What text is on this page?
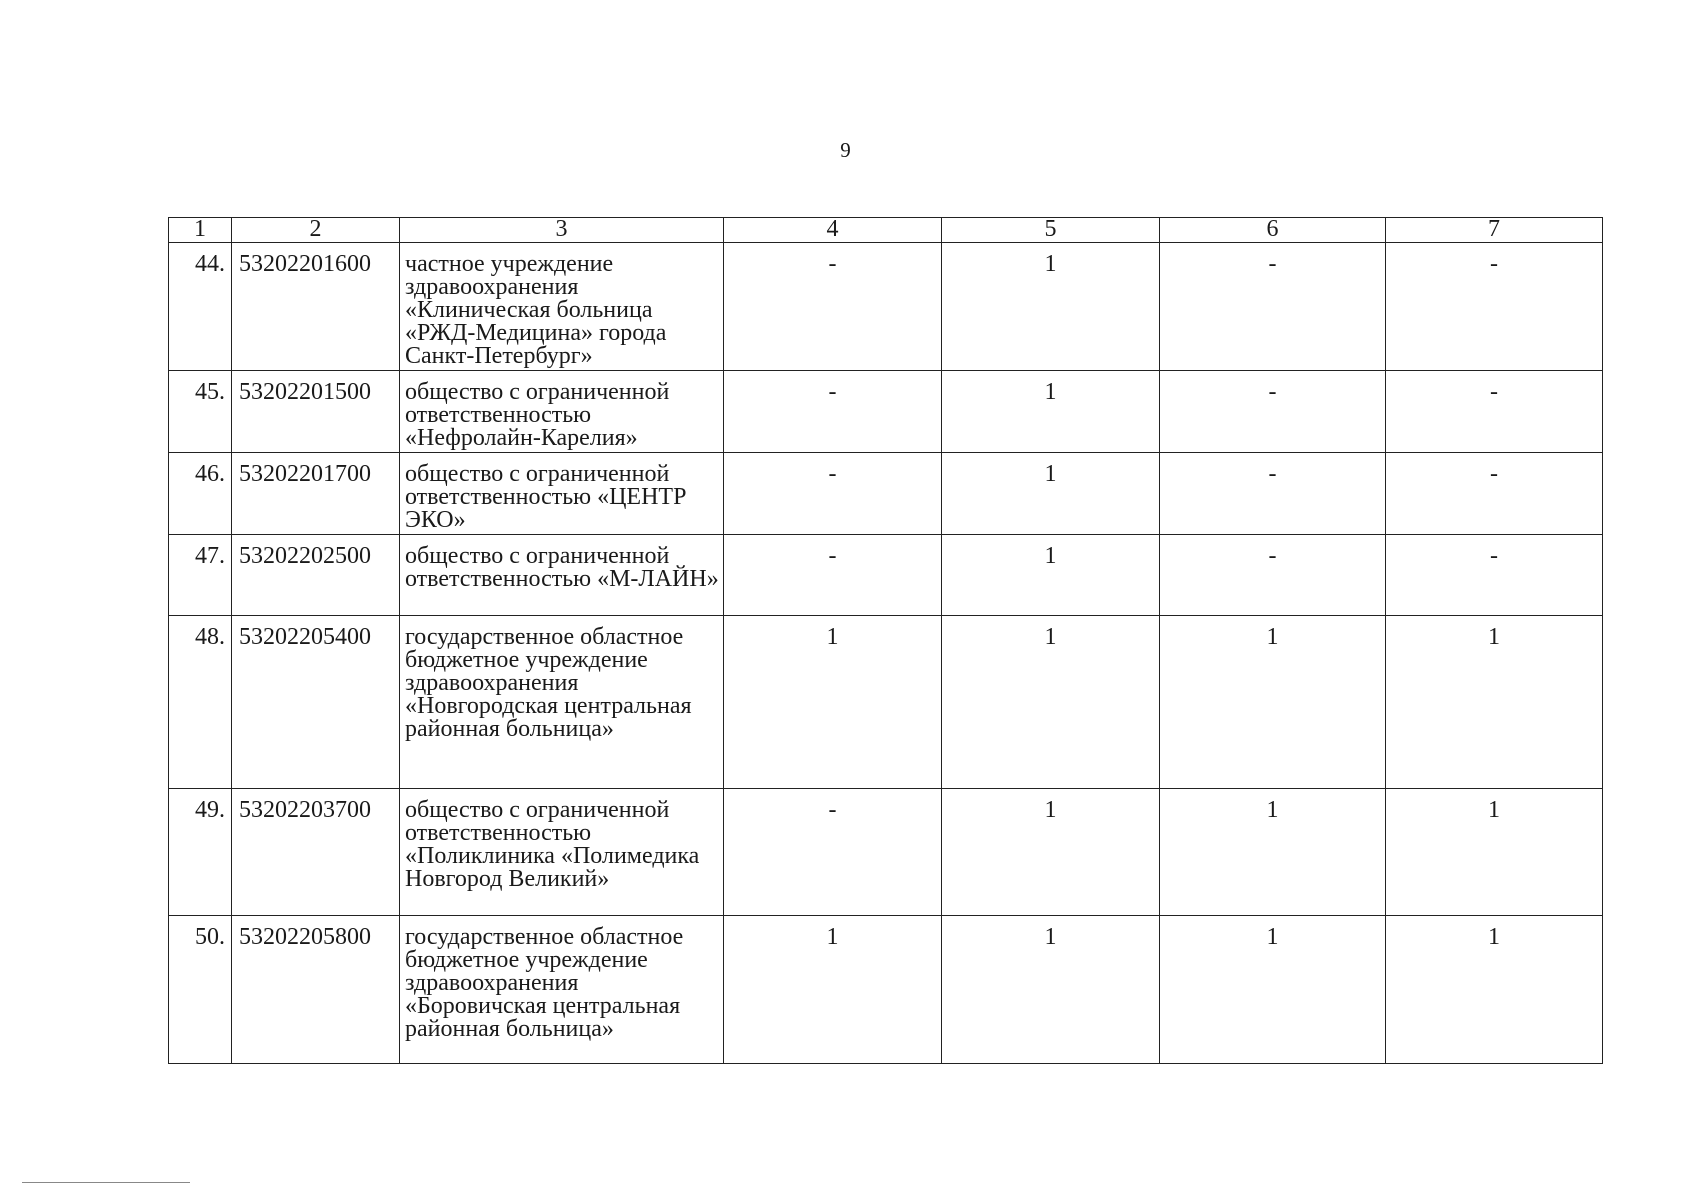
9
1	2	3	4	5	6	7
44.	53202201600	частное учреждение здравоохранения «Клиническая больница «РЖД-Медицина» города Санкт-Петербург»	-	1	-	-
45.	53202201500	общество с ограниченной ответственностью «Нефролайн-Карелия»	-	1	-	-
46.	53202201700	общество с ограниченной ответственностью «ЦЕНТР ЭКО»	-	1	-	-
47.	53202202500	общество с ограниченной ответственностью «М-ЛАЙН»	-	1	-	-
48.	53202205400	государственное областное бюджетное учреждение здравоохранения «Новгородская центральная районная больница»	1	1	1	1
49.	53202203700	общество с ограниченной ответственностью «Поликлиника «Полимедика Новгород Великий»	-	1	1	1
50.	53202205800	государственное областное бюджетное учреждение здравоохранения «Боровичская центральная районная больница»	1	1	1	1
